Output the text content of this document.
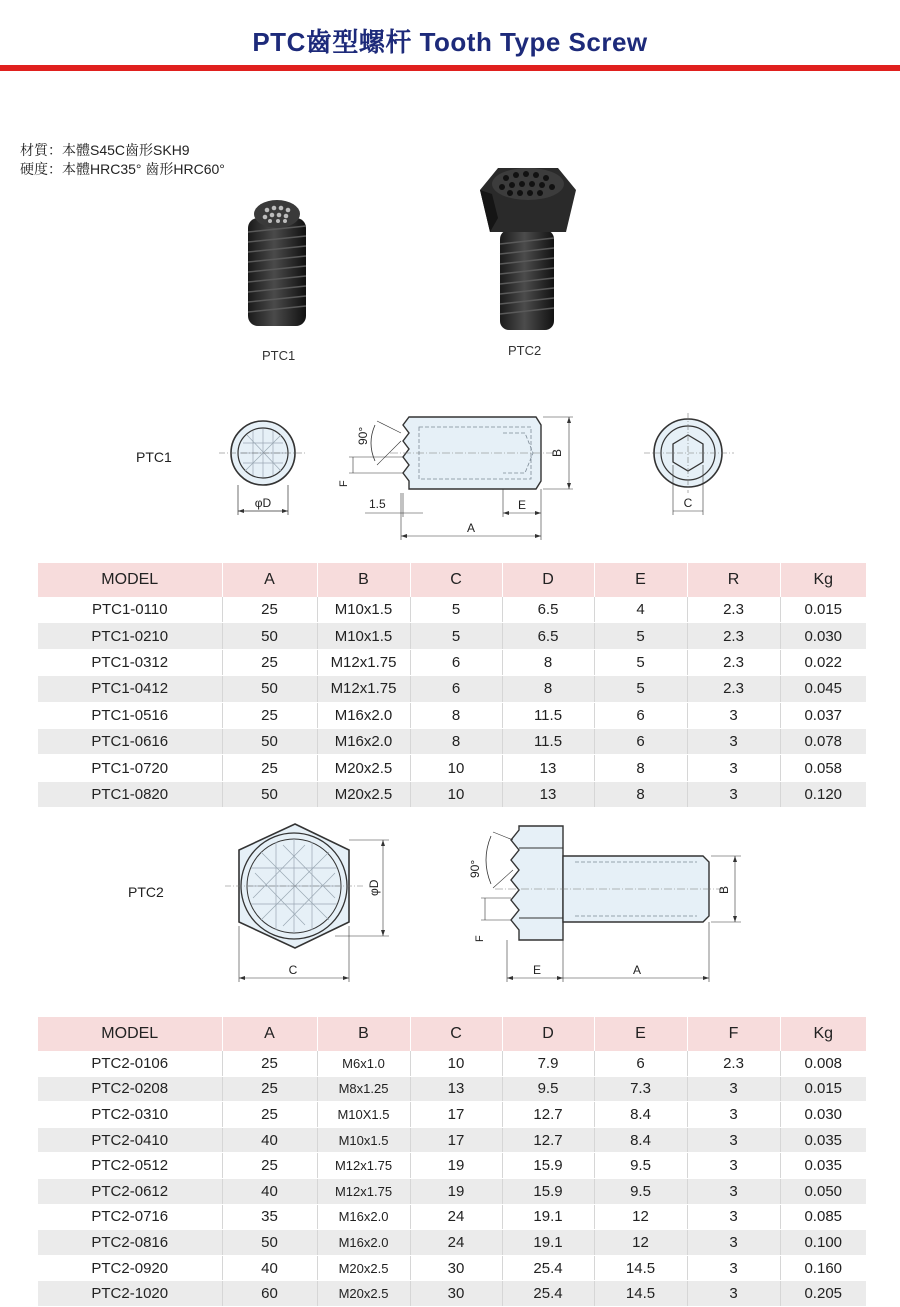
PTC齒型螺杆 Tooth Type Screw
材質：本體S45C齒形SKH9
硬度：本體HRC35° 齒形HRC60°
PTC1	PTC2
PTC1
φD
90°
F
1.5	E
A
B
C
MODEL	A	B	C	D	E	R	Kg
PTC1-0110	25	M10x1.5	5	6.5	4	2.3	0.015
PTC1-0210	50	M10x1.5	5	6.5	5	2.3	0.030
PTC1-0312	25	M12x1.75	6	8	5	2.3	0.022
PTC1-0412	50	M12x1.75	6	8	5	2.3	0.045
PTC1-0516	25	M16x2.0	8	11.5	6	3	0.037
PTC1-0616	50	M16x2.0	8	11.5	6	3	0.078
PTC1-0720	25	M20x2.5	10	13	8	3	0.058
PTC1-0820	50	M20x2.5	10	13	8	3	0.120
PTC2	φD
C
90°
F
E	A
B
MODEL	A	B	C	D	E	F	Kg
PTC2-0106	25	M6x1.0	10	7.9	6	2.3	0.008
PTC2-0208	25	M8x1.25	13	9.5	7.3	3	0.015
PTC2-0310	25	M10X1.5	17	12.7	8.4	3	0.030
PTC2-0410	40	M10x1.5	17	12.7	8.4	3	0.035
PTC2-0512	25	M12x1.75	19	15.9	9.5	3	0.035
PTC2-0612	40	M12x1.75	19	15.9	9.5	3	0.050
PTC2-0716	35	M16x2.0	24	19.1	12	3	0.085
PTC2-0816	50	M16x2.0	24	19.1	12	3	0.100
PTC2-0920	40	M20x2.5	30	25.4	14.5	3	0.160
PTC2-1020	60	M20x2.5	30	25.4	14.5	3	0.205
